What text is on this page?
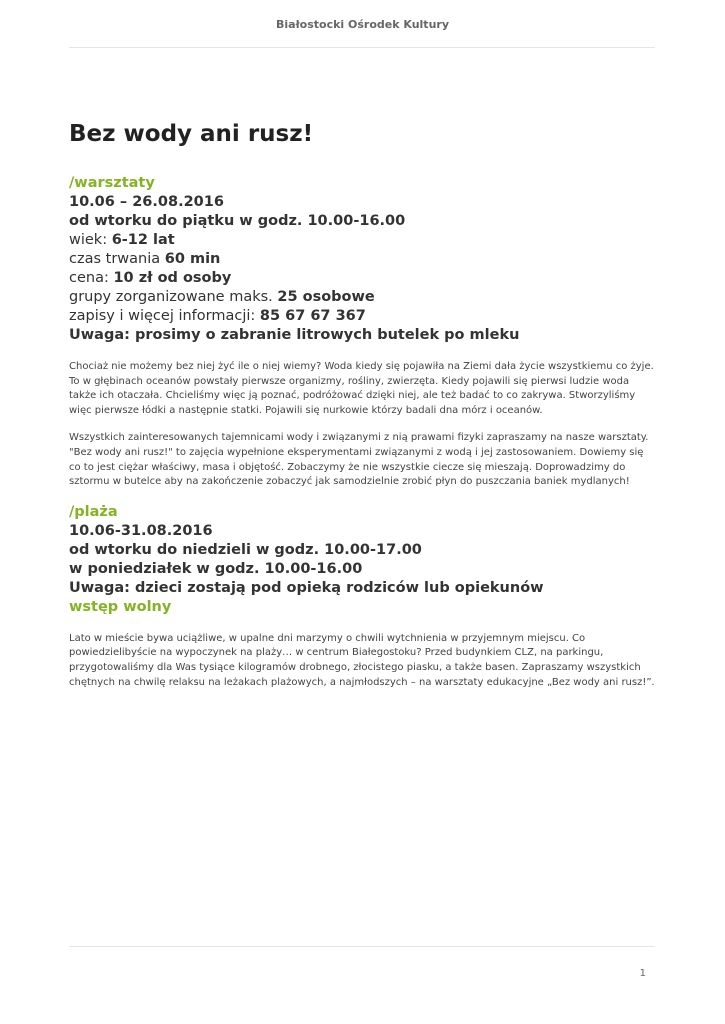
Białostocki Ośrodek Kultury
Bez wody ani rusz!
/warsztaty
10.06 – 26.08.2016
od wtorku do piątku w godz. 10.00-16.00
wiek: 6-12 lat
czas trwania 60 min
cena: 10 zł od osoby
grupy zorganizowane maks. 25 osobowe
zapisy i więcej informacji: 85 67 67 367
Uwaga: prosimy o zabranie litrowych butelek po mleku

Chociaż nie możemy bez niej żyć ile o niej wiemy? Woda kiedy się pojawiła na Ziemi dała życie wszystkiemu co żyje. To w głębinach oceanów powstały pierwsze organizmy, rośliny, zwierzęta. Kiedy pojawili się pierwsi ludzie woda także ich otaczała. Chcieliśmy więc ją poznać, podróżować dzięki niej, ale też badać to co zakrywa. Stworzyliśmy więc pierwsze łódki a następnie statki. Pojawili się nurkowie którzy badali dna mórz i oceanów.

Wszystkich zainteresowanych tajemnicami wody i związanymi z nią prawami fizyki zapraszamy na nasze warsztaty. "Bez wody ani rusz!" to zajęcia wypełnione eksperymentami związanymi z wodą i jej zastosowaniem. Dowiemy się co to jest ciężar właściwy, masa i objętość. Zobaczymy że nie wszystkie ciecze się mieszają. Doprowadzimy do sztormu w butelce aby na zakończenie zobaczyć jak samodzielnie zrobić płyn do puszczania baniek mydlanych!

/plaża
10.06-31.08.2016
od wtorku do niedzieli w godz. 10.00-17.00
w poniedziałek w godz. 10.00-16.00
Uwaga: dzieci zostają pod opieką rodziców lub opiekunów
wstęp wolny

Lato w mieście bywa uciążliwe, w upalne dni marzymy o chwili wytchnienia w przyjemnym miejscu. Co powiedzielibyście na wypoczynek na plaży… w centrum Białegostoku? Przed budynkiem CLZ, na parkingu, przygotowaliśmy dla Was tysiące kilogramów drobnego, złocistego piasku, a także basen. Zapraszamy wszystkich chętnych na chwilę relaksu na leżakach plażowych, a najmłodszych – na warsztaty edukacyjne „Bez wody ani rusz!”.

1
